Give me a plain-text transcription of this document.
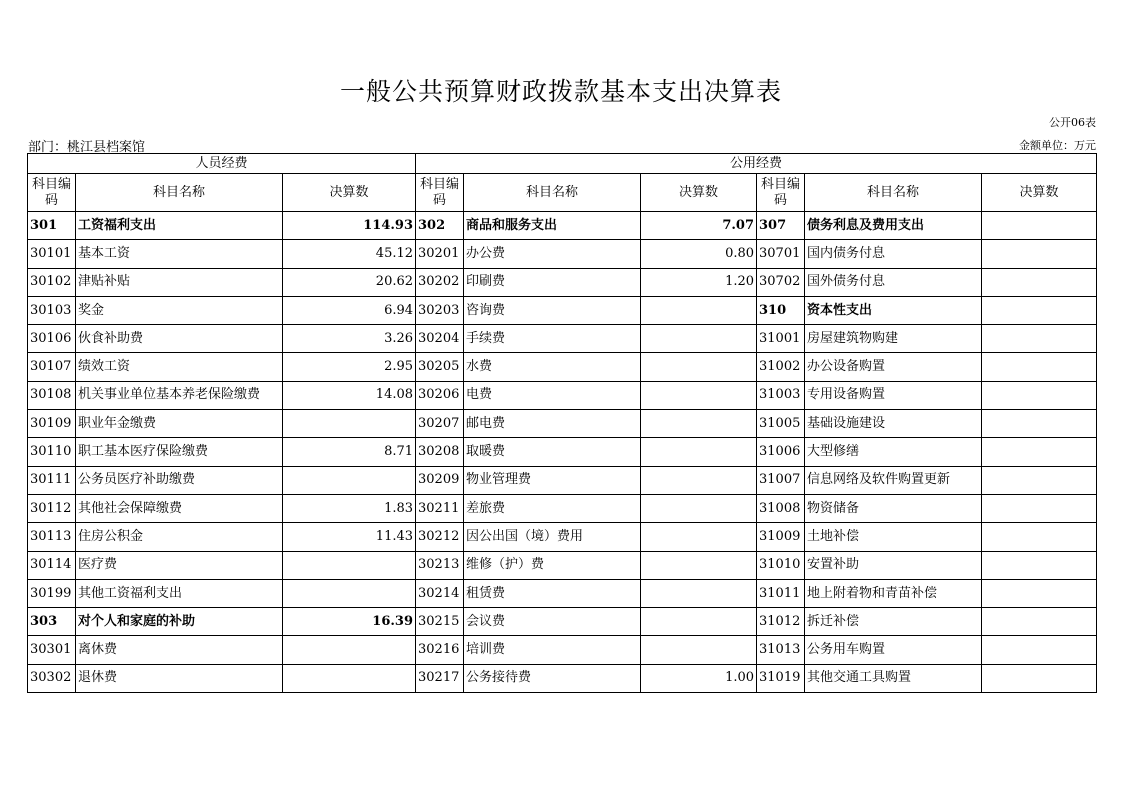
一般公共预算财政拨款基本支出决算表
公开06表
部门：桃江县档案馆	金额单位：万元
人员经费			公用经费					
科目编码	科目名称	决算数	科目编码	科目名称	决算数	科目编码	科目名称	决算数
301	工资福利支出	114.93	302	商品和服务支出	7.07	307	债务利息及费用支出	
30101	基本工资	45.12	30201	办公费	0.80	30701	国内债务付息	
30102	津贴补贴	20.62	30202	印刷费	1.20	30702	国外债务付息	
30103	奖金	6.94	30203	咨询费		310	资本性支出	
30106	伙食补助费	3.26	30204	手续费		31001	房屋建筑物购建	
30107	绩效工资	2.95	30205	水费		31002	办公设备购置	
30108	机关事业单位基本养老保险缴费	14.08	30206	电费		31003	专用设备购置	
30109	职业年金缴费		30207	邮电费		31005	基础设施建设	
30110	职工基本医疗保险缴费	8.71	30208	取暖费		31006	大型修缮	
30111	公务员医疗补助缴费		30209	物业管理费		31007	信息网络及软件购置更新	
30112	其他社会保障缴费	1.83	30211	差旅费		31008	物资储备	
30113	住房公积金	11.43	30212	因公出国（境）费用		31009	土地补偿	
30114	医疗费		30213	维修（护）费		31010	安置补助	
30199	其他工资福利支出		30214	租赁费		31011	地上附着物和青苗补偿	
303	对个人和家庭的补助	16.39	30215	会议费		31012	拆迁补偿	
30301	离休费		30216	培训费		31013	公务用车购置	
30302	退休费		30217	公务接待费	1.00	31019	其他交通工具购置	
